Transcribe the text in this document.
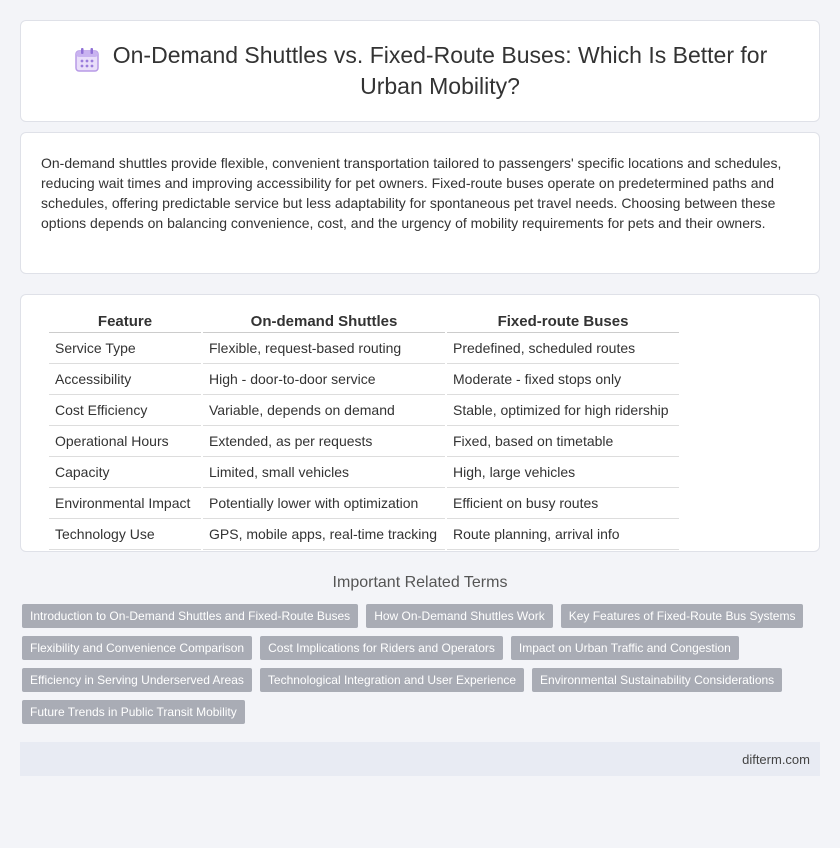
On-Demand Shuttles vs. Fixed-Route Buses: Which Is Better for
Urban Mobility?

On-demand shuttles provide flexible, convenient transportation tailored to passengers' specific locations and schedules, reducing wait times and improving accessibility for pet owners. Fixed-route buses operate on predetermined paths and schedules, offering predictable service but less adaptability for spontaneous pet travel needs. Choosing between these options depends on balancing convenience, cost, and the urgency of mobility requirements for pets and their owners.

Feature	On-demand Shuttles	Fixed-route Buses
Service Type	Flexible, request-based routing	Predefined, scheduled routes
Accessibility	High - door-to-door service	Moderate - fixed stops only
Cost Efficiency	Variable, depends on demand	Stable, optimized for high ridership
Operational Hours	Extended, as per requests	Fixed, based on timetable
Capacity	Limited, small vehicles	High, large vehicles
Environmental Impact	Potentially lower with optimization	Efficient on busy routes
Technology Use	GPS, mobile apps, real-time tracking	Route planning, arrival info
Important Related Terms
Introduction to On-Demand Shuttles and Fixed-Route Buses	How On-Demand Shuttles Work	Key Features of Fixed-Route Bus Systems
Flexibility and Convenience Comparison	Cost Implications for Riders and Operators	Impact on Urban Traffic and Congestion
Efficiency in Serving Underserved Areas	Technological Integration and User Experience	Environmental Sustainability Considerations
Future Trends in Public Transit Mobility
difterm.com
